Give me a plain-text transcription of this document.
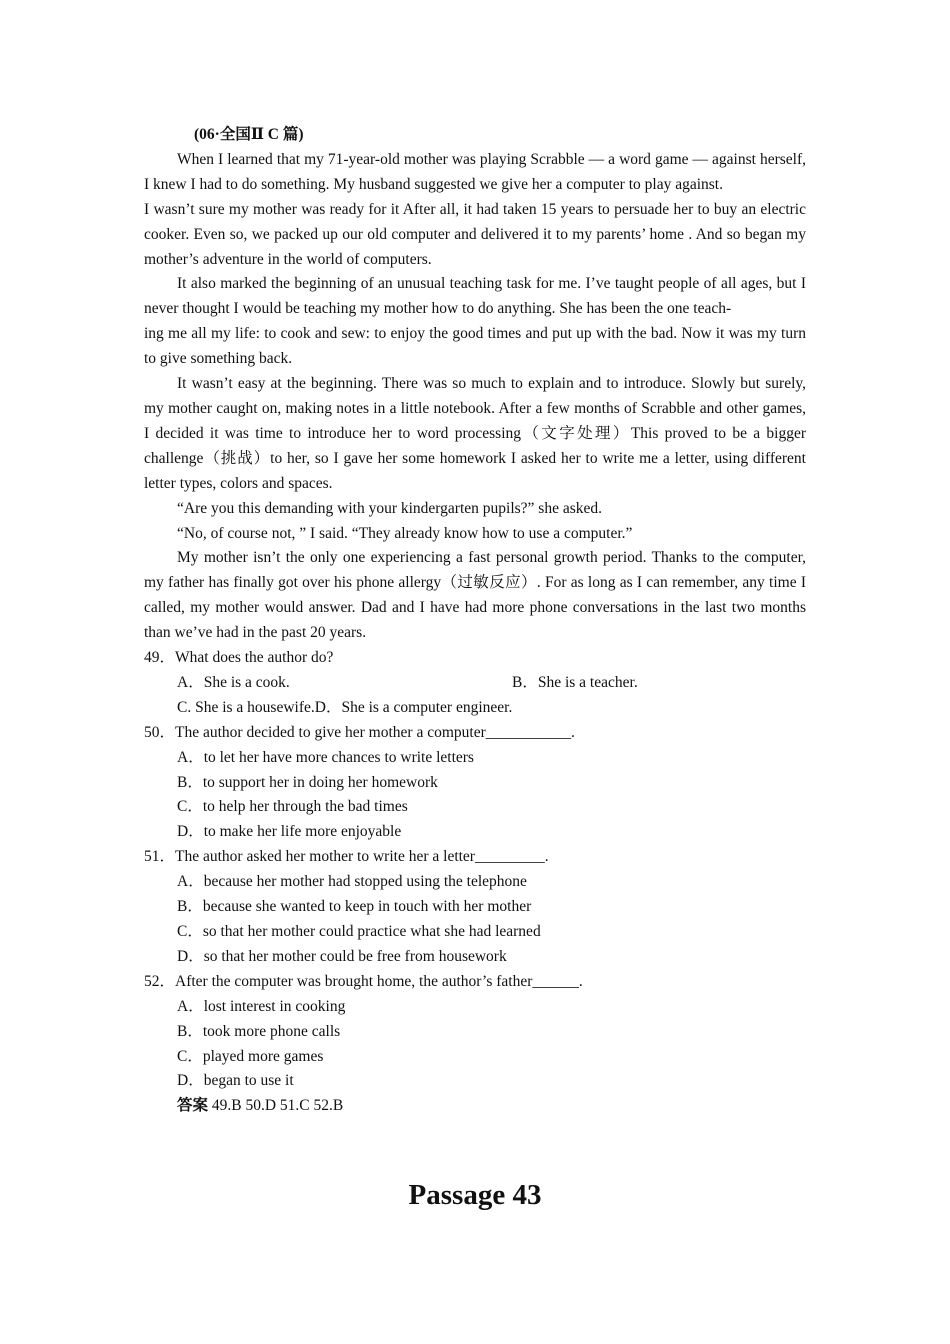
(06·全国Ⅱ C 篇)

When I learned that my 71-year-old mother was playing Scrabble — a word game — against herself, I knew I had to do something. My husband suggested we give her a computer to play against.

I wasn’t sure my mother was ready for it After all, it had taken 15 years to persuade her to buy an electric cooker. Even so, we packed up our old computer and delivered it to my parents’ home . And so began my mother’s adventure in the world of computers.

It also marked the beginning of an unusual teaching task for me. I’ve taught people of all ages, but I never thought I would be teaching my mother how to do anything. She has been the one teach-

ing me all my life: to cook and sew: to enjoy the good times and put up with the bad. Now it was my turn to give something back.

It wasn’t easy at the beginning. There was so much to explain and to introduce. Slowly but surely, my mother caught on, making notes in a little notebook. After a few months of Scrabble and other games, I decided it was time to introduce her to word processing（文字处理）This proved to be a bigger challenge（挑战）to her, so I gave her some homework I asked her to write me a letter, using different letter types, colors and spaces.

“Are you this demanding with your kindergarten pupils?” she asked.

“No, of course not, ” I said. “They already know how to use a computer.”

My mother isn’t the only one experiencing a fast personal growth period. Thanks to the computer, my father has finally got over his phone allergy（过敏反应）. For as long as I can remember, any time I called, my mother would answer. Dad and I have had more phone conversations in the last two months than we’ve had in the past 20 years.

49．What does the author do?

A．She is a cook.	B．She is a teacher.

C. She is a housewife.D．She is a computer engineer.

50．The author decided to give her mother a computer___________.

A．to let her have more chances to write letters

B．to support her in doing her homework

C．to help her through the bad times

D．to make her life more enjoyable

51．The author asked her mother to write her a letter_________.

A．because her mother had stopped using the telephone

B．because she wanted to keep in touch with her mother

C．so that her mother could practice what she had learned

D．so that her mother could be free from housework

52．After the computer was brought home, the author’s father______.

A．lost interest in cooking

B．took more phone calls

C．played more games

D．began to use it

答案 49.B 50.D 51.C 52.B
Passage 43
